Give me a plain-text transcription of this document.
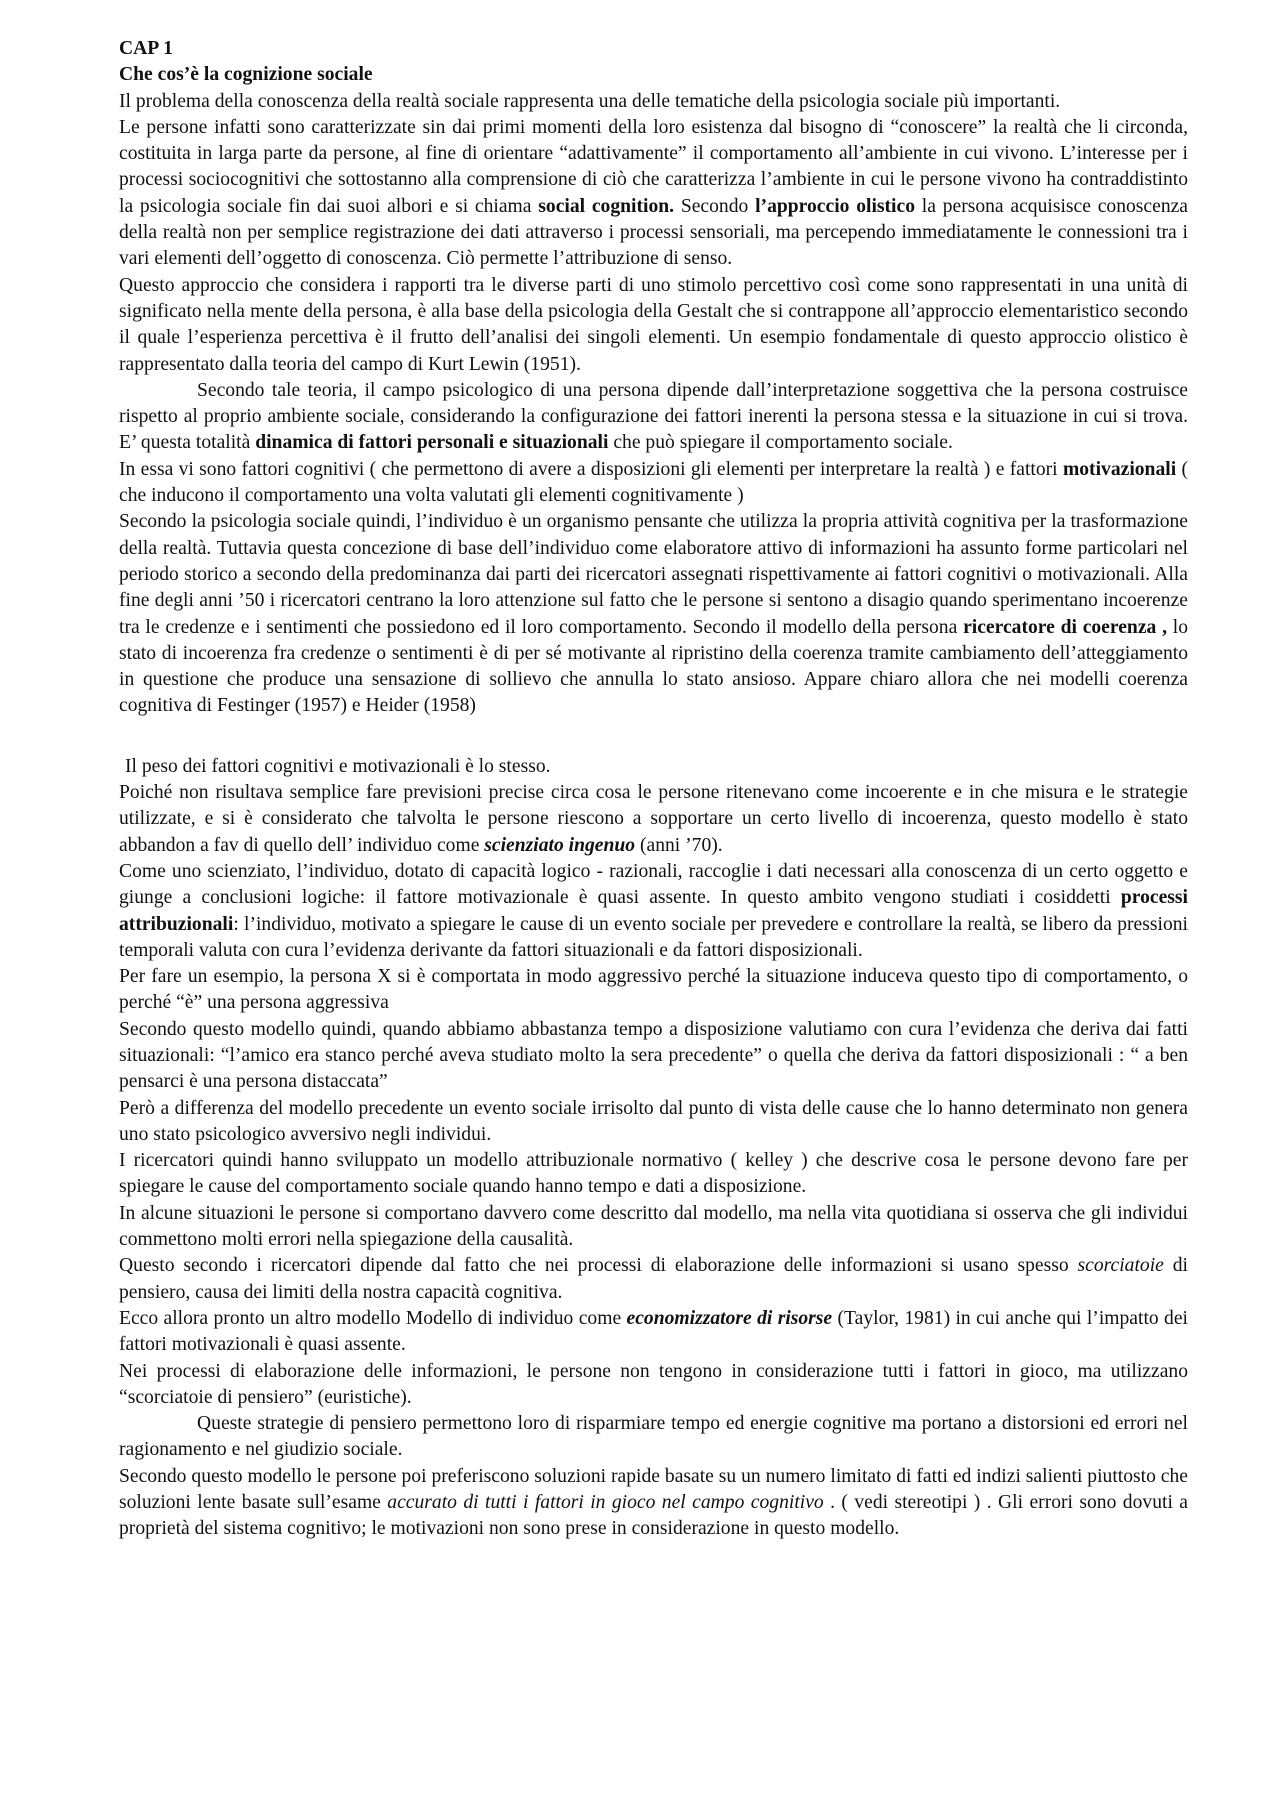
CAP 1

Che cos’è la cognizione sociale

Il problema della conoscenza della realtà sociale rappresenta una delle tematiche della psicologia sociale più importanti.

Le persone infatti sono caratterizzate sin dai primi momenti della loro esistenza dal bisogno di “conoscere” la realtà che li circonda, costituita in larga parte da persone, al fine di orientare “adattivamente” il comportamento all’ambiente in cui vivono. L’interesse per i processi sociocognitivi che sottostanno alla comprensione di ciò che caratterizza l’ambiente in cui le persone vivono ha contraddistinto la psicologia sociale fin dai suoi albori e si chiama social cognition. Secondo l’approccio olistico la persona acquisisce conoscenza della realtà non per semplice registrazione dei dati attraverso i processi sensoriali, ma percependo immediatamente le connessioni tra i vari elementi dell’oggetto di conoscenza. Ciò permette l’attribuzione di senso.

Questo approccio che considera i rapporti tra le diverse parti di uno stimolo percettivo così come sono rappresentati in una unità di significato nella mente della persona, è alla base della psicologia della Gestalt che si contrappone all’approccio elementaristico secondo il quale l’esperienza percettiva è il frutto dell’analisi dei singoli elementi. Un esempio fondamentale di questo approccio olistico è rappresentato dalla teoria del campo di Kurt Lewin (1951).

Secondo tale teoria, il campo psicologico di una persona dipende dall’interpretazione soggettiva che la persona costruisce rispetto al proprio ambiente sociale, considerando la configurazione dei fattori inerenti la persona stessa e la situazione in cui si trova. E’ questa totalità dinamica di fattori personali e situazionali che può spiegare il comportamento sociale.

In essa vi sono fattori cognitivi ( che permettono di avere a disposizioni gli elementi per interpretare la realtà ) e fattori motivazionali ( che inducono il comportamento una volta valutati gli elementi cognitivamente )

Secondo la psicologia sociale quindi, l’individuo è un organismo pensante che utilizza la propria attività cognitiva per la trasformazione della realtà. Tuttavia questa concezione di base dell’individuo come elaboratore attivo di informazioni ha assunto forme particolari nel periodo storico a secondo della predominanza dai parti dei ricercatori assegnati rispettivamente ai fattori cognitivi o motivazionali. Alla fine degli anni ’50 i ricercatori centrano la loro attenzione sul fatto che le persone si sentono a disagio quando sperimentano incoerenze tra le credenze e i sentimenti che possiedono ed il loro comportamento. Secondo il modello della persona ricercatore di coerenza , lo stato di incoerenza fra credenze o sentimenti è di per sé motivante al ripristino della coerenza tramite cambiamento dell’atteggiamento in questione che produce una sensazione di sollievo che annulla lo stato ansioso. Appare chiaro allora che nei modelli coerenza cognitiva di Festinger (1957) e Heider (1958)

Il peso dei fattori cognitivi e motivazionali è lo stesso.

Poiché non risultava semplice fare previsioni precise circa cosa le persone ritenevano come incoerente e in che misura e le strategie utilizzate, e si è considerato che talvolta le persone riescono a sopportare un certo livello di incoerenza, questo modello è stato abbandon a fav di quello dell’ individuo come scienziato ingenuo (anni ’70).

Come uno scienziato, l’individuo, dotato di capacità logico - razionali, raccoglie i dati necessari alla conoscenza di un certo oggetto e giunge a conclusioni logiche: il fattore motivazionale è quasi assente. In questo ambito vengono studiati i cosiddetti processi attribuzionali: l’individuo, motivato a spiegare le cause di un evento sociale per prevedere e controllare la realtà, se libero da pressioni temporali valuta con cura l’evidenza derivante da fattori situazionali e da fattori disposizionali.

Per fare un esempio, la persona X si è comportata in modo aggressivo perché la situazione induceva questo tipo di comportamento, o perché “è” una persona aggressiva

Secondo questo modello quindi, quando abbiamo abbastanza tempo a disposizione valutiamo con cura l’evidenza che deriva dai fatti situazionali: “l’amico era stanco perché aveva studiato molto la sera precedente” o quella che deriva da fattori disposizionali : “ a ben pensarci è una persona distaccata”

Però a differenza del modello precedente un evento sociale irrisolto dal punto di vista delle cause che lo hanno determinato non genera uno stato psicologico avversivo negli individui.

I ricercatori quindi hanno sviluppato un modello attribuzionale normativo ( kelley ) che descrive cosa le persone devono fare per spiegare le cause del comportamento sociale quando hanno tempo e dati a disposizione.

In alcune situazioni le persone si comportano davvero come descritto dal modello, ma nella vita quotidiana si osserva che gli individui commettono molti errori nella spiegazione della causalità.

Questo secondo i ricercatori dipende dal fatto che nei processi di elaborazione delle informazioni si usano spesso scorciatoie di pensiero, causa dei limiti della nostra capacità cognitiva.

Ecco allora pronto un altro modello Modello di individuo come economizzatore di risorse (Taylor, 1981) in cui anche qui l’impatto dei fattori motivazionali è quasi assente.

Nei processi di elaborazione delle informazioni, le persone non tengono in considerazione tutti i fattori in gioco, ma utilizzano “scorciatoie di pensiero” (euristiche).

Queste strategie di pensiero permettono loro di risparmiare tempo ed energie cognitive ma portano a distorsioni ed errori nel ragionamento e nel giudizio sociale.

Secondo questo modello le persone poi preferiscono soluzioni rapide basate su un numero limitato di fatti ed indizi salienti piuttosto che soluzioni lente basate sull’esame accurato di tutti i fattori in gioco nel campo cognitivo . ( vedi stereotipi ) . Gli errori sono dovuti a proprietà del sistema cognitivo; le motivazioni non sono prese in considerazione in questo modello.
